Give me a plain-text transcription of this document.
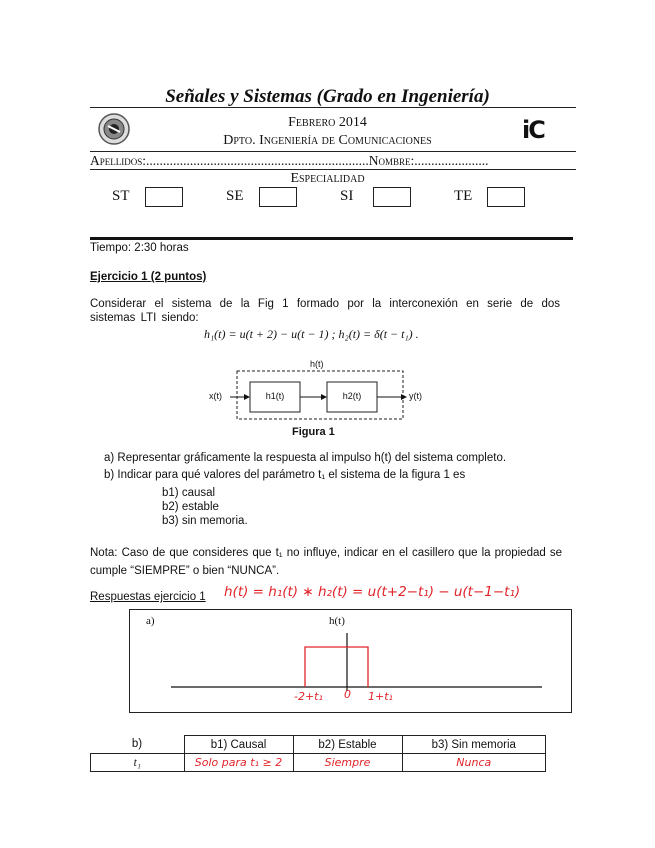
Señales y Sistemas (Grado en Ingeniería)
Febrero 2014
Dpto. Ingeniería de Comunicaciones	iC
Apellidos:..................................................................Nombre:......................
Especialidad
ST	SE	SI	TE
Tiempo: 2:30 horas
Ejercicio 1 (2 puntos)
Considerar el sistema de la Fig 1 formado por la interconexión en serie de dos sistemas LTI siendo:
h₁(t) = u(t + 2) − u(t − 1) ; h₂(t) = δ(t − t₁) .
h(t)
x(t)	h1(t)	h2(t)	y(t)
Figura 1
a) Representar gráficamente la respuesta al impulso h(t) del sistema completo.
b) Indicar para qué valores del parámetro t₁ el sistema de la figura 1 es
b1) causal
b2) estable
b3) sin memoria.
Nota: Caso de que consideres que t₁ no influye, indicar en el casillero que la propiedad se cumple “SIEMPRE” o bien “NUNCA”.
Respuestas ejercicio 1 h(t) = h₁(t) ∗ h₂(t) = u(t+2−t₁) − u(t−1−t₁)
a)	h(t)
-2+t₁ 0 1+t₁
b)	b1) Causal	b2) Estable	b3) Sin memoria
t₁	Solo para t₁ ≥ 2	Siempre	Nunca
